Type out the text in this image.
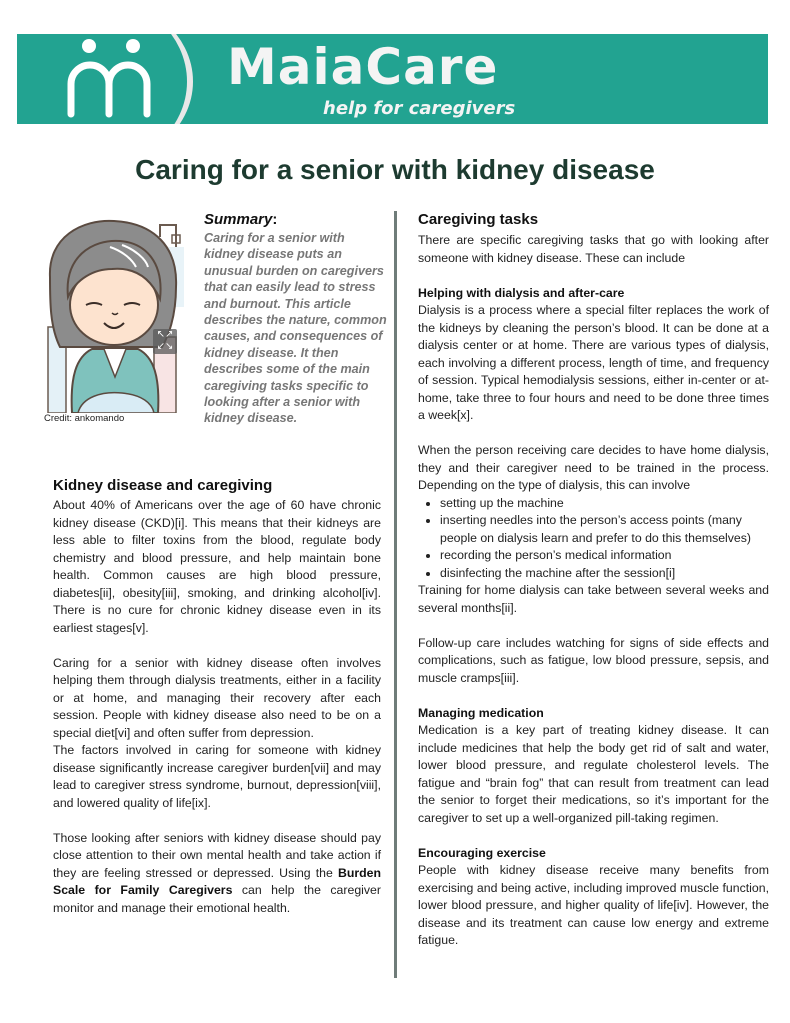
MaiaCare
help for caregivers
Caring for a senior with kidney disease
↖↗
↙↘
Credit: ankomando
Summary:
Caring for a senior with kidney disease puts an unusual burden on caregivers that can easily lead to stress and burnout. This article describes the nature, common causes, and consequences of kidney disease. It then describes some of the main caregiving tasks specific to looking after a senior with kidney disease.
Kidney disease and caregiving

About 40% of Americans over the age of 60 have chronic kidney disease (CKD)[i]. This means that their kidneys are less able to filter toxins from the blood, regulate body chemistry and blood pressure, and help maintain bone health. Common causes are high blood pressure, diabetes[ii], obesity[iii], smoking, and drinking alcohol[iv]. There is no cure for chronic kidney disease even in its earliest stages[v].

Caring for a senior with kidney disease often involves helping them through dialysis treatments, either in a facility or at home, and managing their recovery after each session. People with kidney disease also need to be on a special diet[vi] and often suffer from depression.

The factors involved in caring for someone with kidney disease significantly increase caregiver burden[vii] and may lead to caregiver stress syndrome, burnout, depression[viii], and lowered quality of life[ix].

Those looking after seniors with kidney disease should pay close attention to their own mental health and take action if they are feeling stressed or depressed. Using the Burden Scale for Family Caregivers can help the caregiver monitor and manage their emotional health.

Caregiving tasks

There are specific caregiving tasks that go with looking after someone with kidney disease. These can include

Helping with dialysis and after-care

Dialysis is a process where a special filter replaces the work of the kidneys by cleaning the person’s blood. It can be done at a dialysis center or at home. There are various types of dialysis, each involving a different process, length of time, and frequency of session. Typical hemodialysis sessions, either in-center or at-home, take three to four hours and need to be done three times a week[x].

When the person receiving care decides to have home dialysis, they and their caregiver need to be trained in the process. Depending on the type of dialysis, this can involve

• setting up the machine
• inserting needles into the person’s access points (many people on dialysis learn and prefer to do this themselves)
• recording the person’s medical information
• disinfecting the machine after the session[i]

Training for home dialysis can take between several weeks and several months[ii].

Follow-up care includes watching for signs of side effects and complications, such as fatigue, low blood pressure, sepsis, and muscle cramps[iii].

Managing medication

Medication is a key part of treating kidney disease. It can include medicines that help the body get rid of salt and water, lower blood pressure, and regulate cholesterol levels. The fatigue and “brain fog” that can result from treatment can lead the senior to forget their medications, so it’s important for the caregiver to set up a well-organized pill-taking regimen.

Encouraging exercise

People with kidney disease receive many benefits from exercising and being active, including improved muscle function, lower blood pressure, and higher quality of life[iv]. However, the disease and its treatment can cause low energy and extreme fatigue.
